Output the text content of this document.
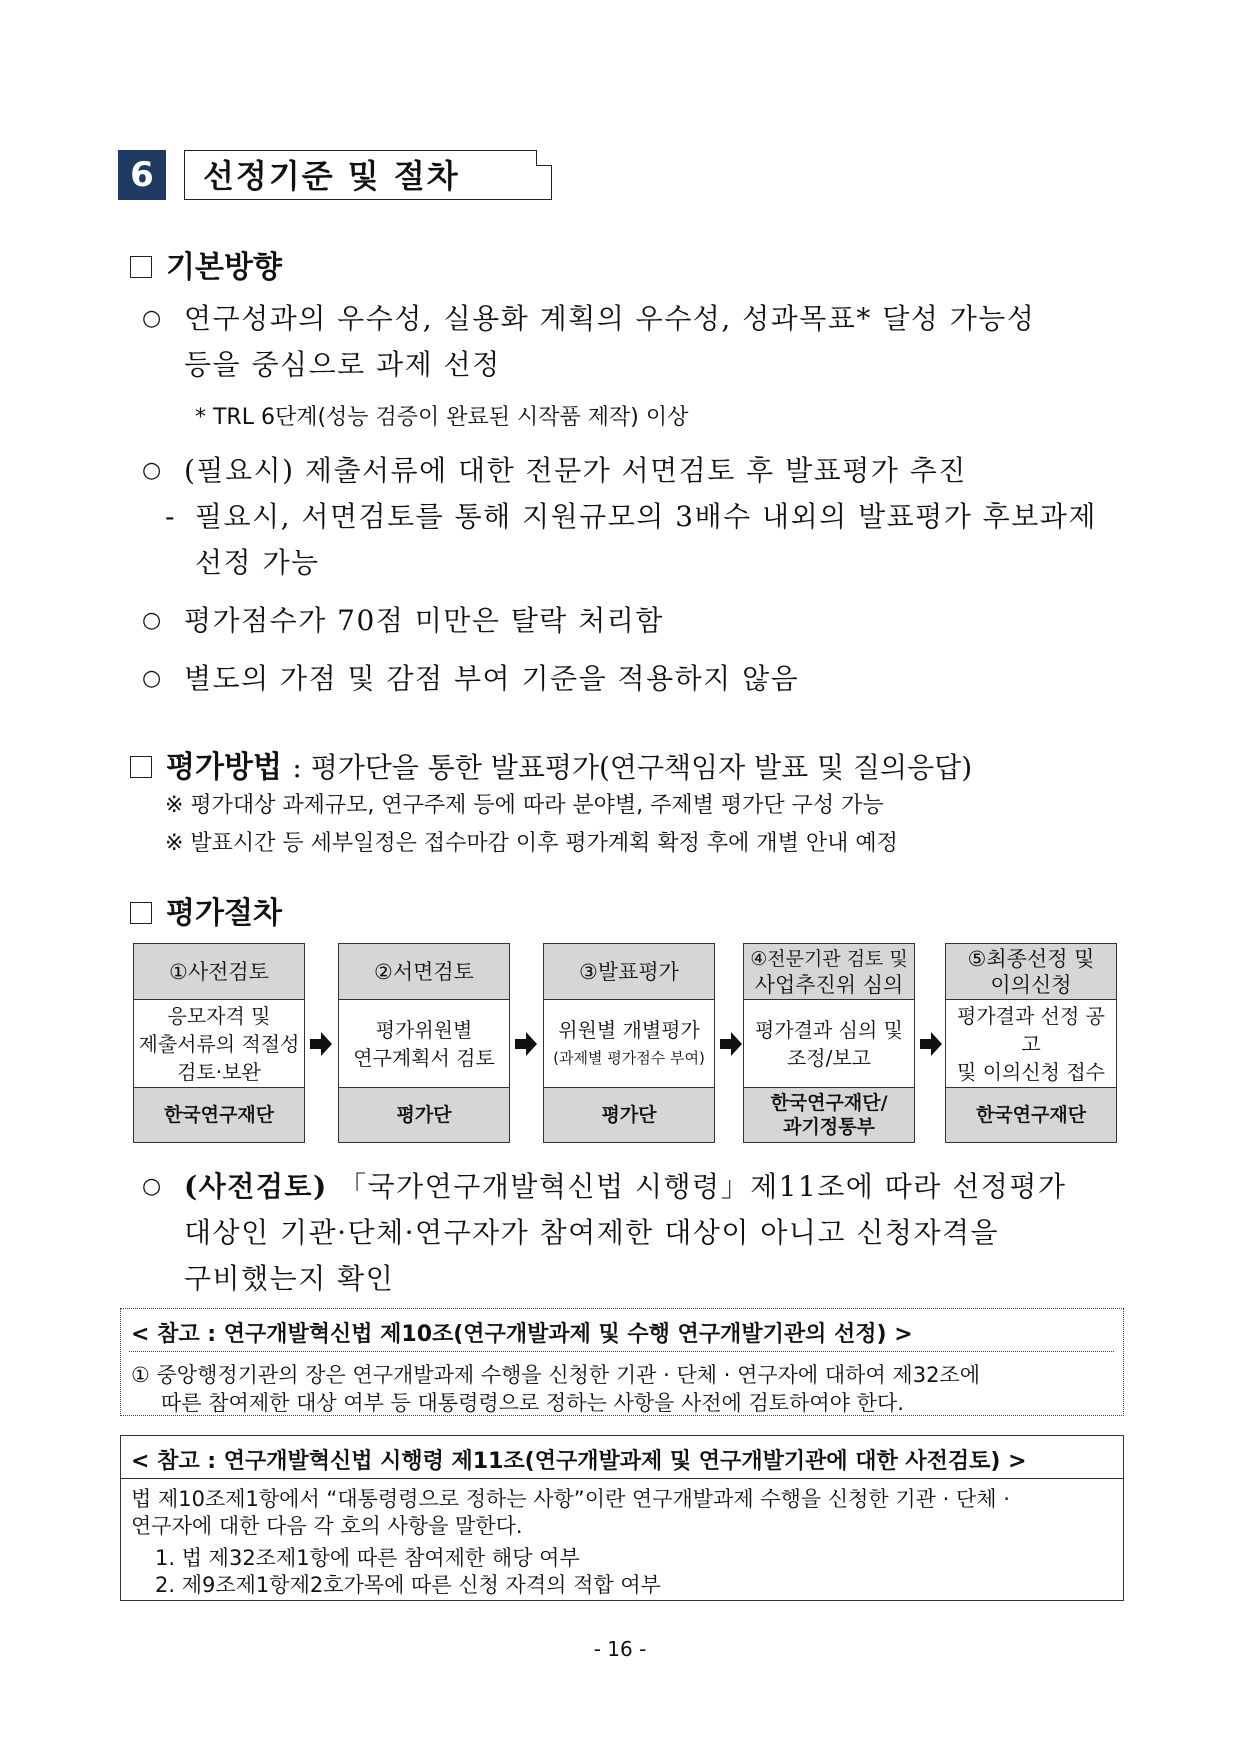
6	선정기준 및 절차
기본방향
○ 연구성과의 우수성, 실용화 계획의 우수성, 성과목표* 달성 가능성
등을 중심으로 과제 선정
* TRL 6단계(성능 검증이 완료된 시작품 제작) 이상
○ (필요시) 제출서류에 대한 전문가 서면검토 후 발표평가 추진
- 필요시, 서면검토를 통해 지원규모의 3배수 내외의 발표평가 후보과제
선정 가능
○ 평가점수가 70점 미만은 탈락 처리함
○ 별도의 가점 및 감점 부여 기준을 적용하지 않음
평가방법 : 평가단을 통한 발표평가(연구책임자 발표 및 질의응답)
※ 평가대상 과제규모, 연구주제 등에 따라 분야별, 주제별 평가단 구성 가능
※ 발표시간 등 세부일정은 접수마감 이후 평가계획 확정 후에 개별 안내 예정
평가절차
①사전검토
응모자격 및
제출서류의 적절성
검토·보완
한국연구재단
②서면검토
평가위원별
연구계획서 검토
평가단
③발표평가
위원별 개별평가
(과제별 평가점수 부여)
평가단
④전문기관 검토 및
사업추진위 심의
평가결과 심의 및
조정/보고
한국연구재단/
과기정통부
⑤최종선정 및
이의신청
평가결과 선정 공고
및 이의신청 접수
한국연구재단
○ (사전검토) 「국가연구개발혁신법 시행령」제11조에 따라 선정평가
대상인 기관·단체·연구자가 참여제한 대상이 아니고 신청자격을
구비했는지 확인
< 참고 : 연구개발혁신법 제10조(연구개발과제 및 수행 연구개발기관의 선정) >
① 중앙행정기관의 장은 연구개발과제 수행을 신청한 기관 · 단체 · 연구자에 대하여 제32조에
따른 참여제한 대상 여부 등 대통령령으로 정하는 사항을 사전에 검토하여야 한다.
< 참고 : 연구개발혁신법 시행령 제11조(연구개발과제 및 연구개발기관에 대한 사전검토) >
법 제10조제1항에서 “대통령령으로 정하는 사항”이란 연구개발과제 수행을 신청한 기관 · 단체 ·
연구자에 대한 다음 각 호의 사항을 말한다.
1. 법 제32조제1항에 따른 참여제한 해당 여부
2. 제9조제1항제2호가목에 따른 신청 자격의 적합 여부
- 16 -
